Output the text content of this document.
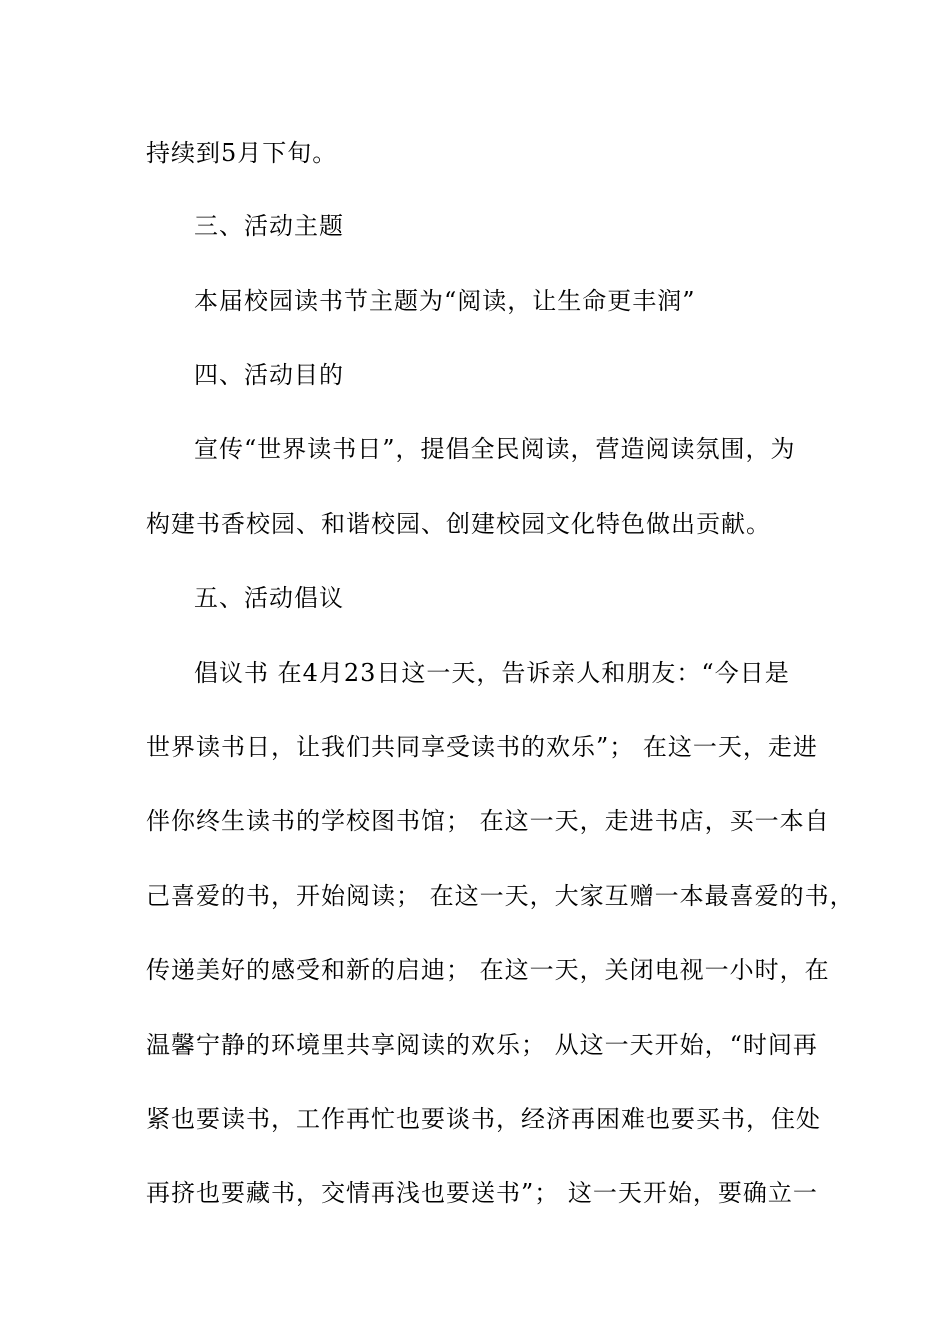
持续到5月下旬。
三、活动主题
本届校园读书节主题为“阅读，让生命更丰润”
四、活动目的
宣传“世界读书日”，提倡全民阅读，营造阅读氛围，为
构建书香校园、和谐校园、创建校园文化特色做出贡献。
五、活动倡议
倡议书 在4月23日这一天，告诉亲人和朋友：“今日是
世界读书日，让我们共同享受读书的欢乐”； 在这一天，走进
伴你终生读书的学校图书馆； 在这一天，走进书店，买一本自
己喜爱的书，开始阅读； 在这一天，大家互赠一本最喜爱的书，
传递美好的感受和新的启迪； 在这一天，关闭电视一小时，在
温馨宁静的环境里共享阅读的欢乐； 从这一天开始，“时间再
紧也要读书，工作再忙也要谈书，经济再困难也要买书，住处
再挤也要藏书，交情再浅也要送书”； 这一天开始，要确立一
